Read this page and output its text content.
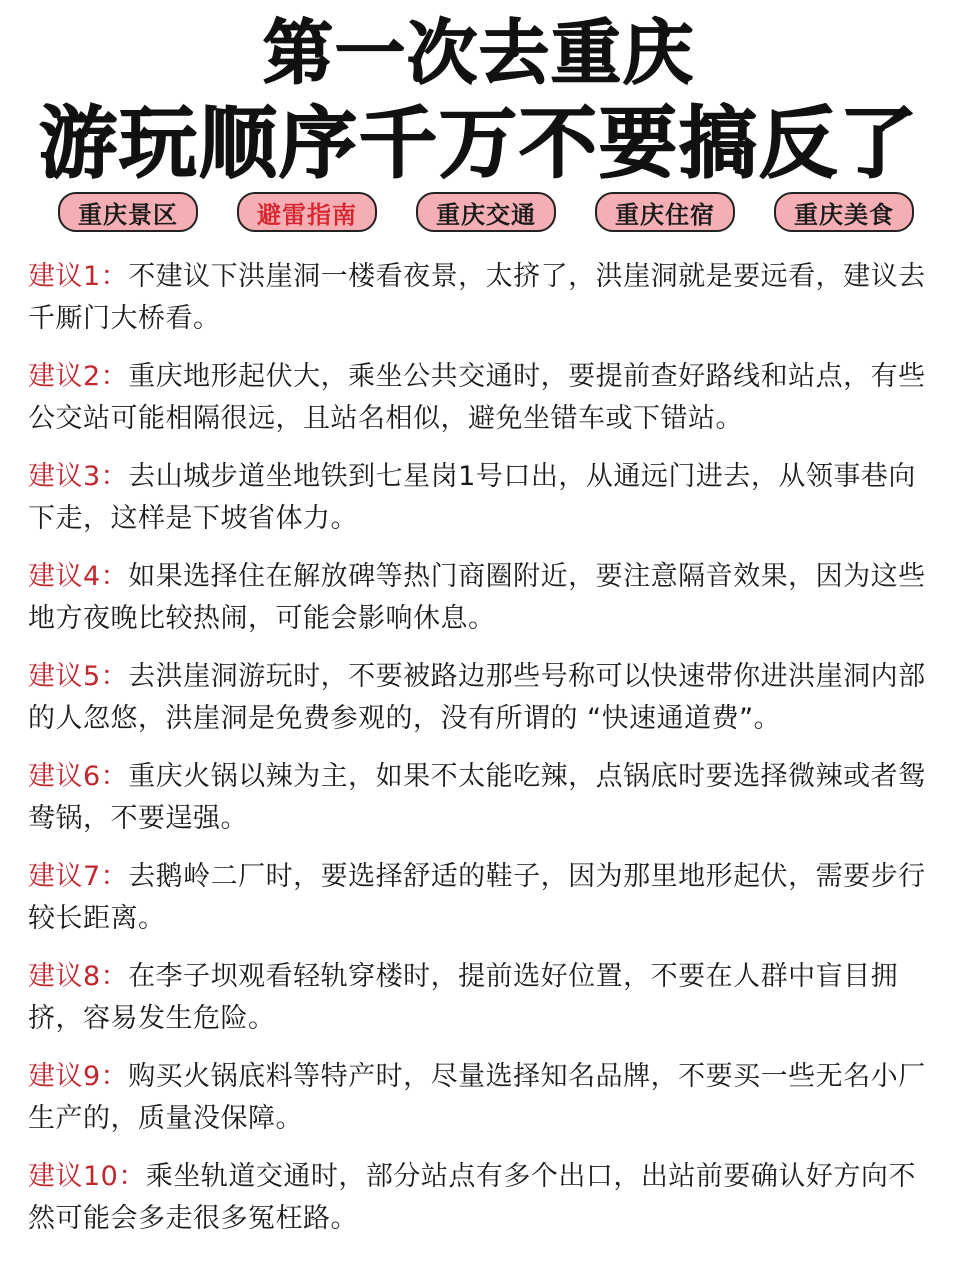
第一次去重庆
游玩顺序千万不要搞反了
重庆景区	避雷指南	重庆交通	重庆住宿	重庆美食

建议1：不建议下洪崖洞一楼看夜景，太挤了，洪崖洞就是要远看，建议去千厮门大桥看。

建议2：重庆地形起伏大，乘坐公共交通时，要提前查好路线和站点，有些公交站可能相隔很远，且站名相似，避免坐错车或下错站。

建议3：去山城步道坐地铁到七星岗1号口出，从通远门进去，从领事巷向下走，这样是下坡省体力。

建议4：如果选择住在解放碑等热门商圈附近，要注意隔音效果，因为这些地方夜晚比较热闹，可能会影响休息。

建议5：去洪崖洞游玩时，不要被路边那些号称可以快速带你进洪崖洞内部的人忽悠，洪崖洞是免费参观的，没有所谓的 “快速通道费”。

建议6：重庆火锅以辣为主，如果不太能吃辣，点锅底时要选择微辣或者鸳鸯锅，不要逞强。

建议7：去鹅岭二厂时，要选择舒适的鞋子，因为那里地形起伏，需要步行较长距离。

建议8：在李子坝观看轻轨穿楼时，提前选好位置，不要在人群中盲目拥挤，容易发生危险。

建议9：购买火锅底料等特产时，尽量选择知名品牌，不要买一些无名小厂生产的，质量没保障。

建议10：乘坐轨道交通时，部分站点有多个出口，出站前要确认好方向不然可能会多走很多冤枉路。
